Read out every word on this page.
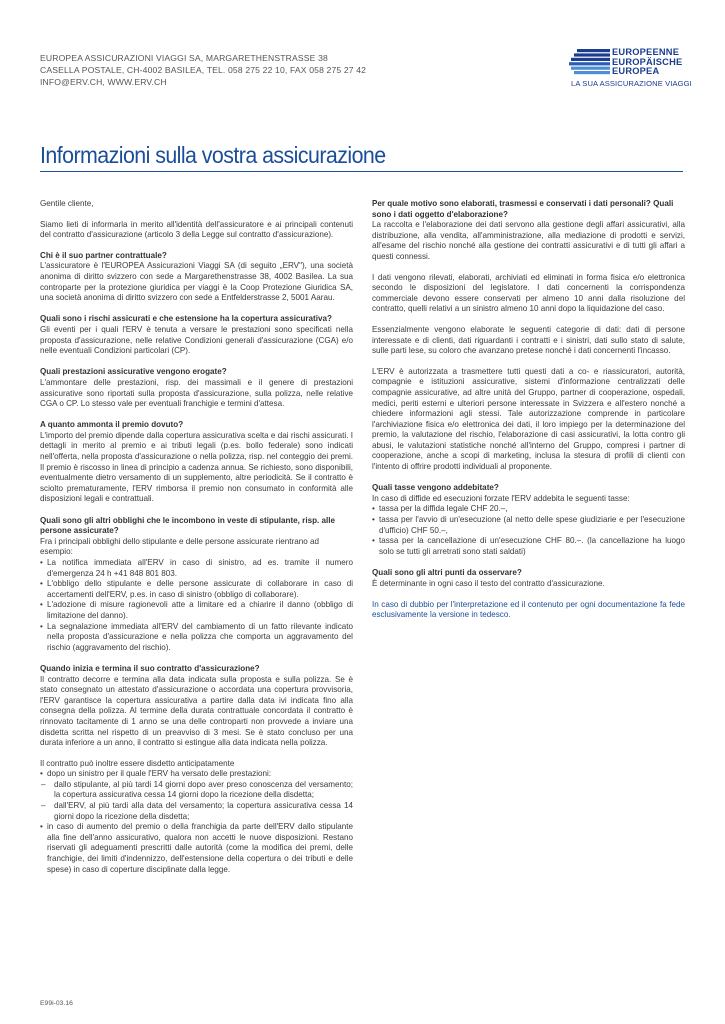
EUROPEA ASSICURAZIONI VIAGGI SA, MARGARETHENSTRASSE 38
CASELLA POSTALE, CH-4002 BASILEA, TEL. 058 275 22 10, FAX 058 275 27 42
INFO@ERV.CH, WWW.ERV.CH
EUROPEENNE
EUROPÄISCHE
EUROPEA
LA SUA ASSICURAZIONE VIAGGI
Informazioni sulla vostra assicurazione

Gentile cliente,

Siamo lieti di informarla in merito all'identità dell'assicuratore e ai principali contenuti del contratto d'assicurazione (articolo 3 della Legge sul contratto d'assicurazione).

Chi è il suo partner contrattuale?

L'assicuratore è l'EUROPEA Assicurazioni Viaggi SA (di seguito „ERV"), una società anonima di diritto svizzero con sede a Margarethenstrasse 38, 4002 Basilea. La sua controparte per la protezione giuridica per viaggi è la Coop Protezione Giuridica SA, una società anonima di diritto svizzero con sede a Entfelderstrasse 2, 5001 Aarau.

Quali sono i rischi assicurati e che estensione ha la copertura assicurativa?

Gli eventi per i quali l'ERV è tenuta a versare le prestazioni sono specificati nella proposta d'assicurazione, nelle relative Condizioni generali d'assicurazione (CGA) e/o nelle eventuali Condizioni particolari (CP).

Quali prestazioni assicurative vengono erogate?

L'ammontare delle prestazioni, risp. dei massimali e il genere di prestazioni assicurative sono riportati sulla proposta d'assicurazione, sulla polizza, nelle relative CGA o CP. Lo stesso vale per eventuali franchigie e termini d'attesa.

A quanto ammonta il premio dovuto?

L'importo del premio dipende dalla copertura assicurativa scelta e dai rischi assicurati. I dettagli in merito al premio e ai tributi legali (p.es. bollo federale) sono indicati nell'offerta, nella proposta d'assicurazione o nella polizza, risp. nel conteggio dei premi. Il premio è riscosso in linea di principio a cadenza annua. Se richiesto, sono disponibili, eventualmente dietro versamento di un supplemento, altre periodicità. Se il contratto è sciolto prematuramente, l'ERV rimborsa il premio non consumato in conformità alle disposizioni legali e contrattuali.

Quali sono gli altri obblighi che le incombono in veste di stipulante, risp. alle persone assicurate?
Fra i principali obblighi dello stipulante e delle persone assicurate rientrano ad esempio:
• La notifica immediata all'ERV in caso di sinistro, ad es. tramite il numero d'emergenza 24 h +41 848 801 803.
• L'obbligo dello stipulante e delle persone assicurate di collaborare in caso di accertamenti dell'ERV, p.es. in caso di sinistro (obbligo di collaborare).
• L'adozione di misure ragionevoli atte a limitare ed a chiarire il danno (obbligo di limitazione del danno).
• La segnalazione immediata all'ERV del cambiamento di un fatto rilevante indicato nella proposta d'assicurazione e nella polizza che comporta un aggravamento del rischio (aggravamento del rischio).
Quando inizia e termina il suo contratto d'assicurazione?

Il contratto decorre e termina alla data indicata sulla proposta e sulla polizza. Se è stato consegnato un attestato d'assicurazione o accordata una copertura provvisoria, l'ERV garantisce la copertura assicurativa a partire dalla data ivi indicata fino alla consegna della polizza. Al termine della durata contrattuale concordata il contratto è rinnovato tacitamente di 1 anno se una delle controparti non provvede a inviare una disdetta scritta nel rispetto di un preavviso di 3 mesi. Se è stato concluso per una durata inferiore a un anno, il contratto si estingue alla data indicata nella polizza.

Il contratto può inoltre essere disdetto anticipatamente
• dopo un sinistro per il quale l'ERV ha versato delle prestazioni:
– dallo stipulante, al più tardi 14 giorni dopo aver preso conoscenza del versamento; la copertura assicurativa cessa 14 giorni dopo la ricezione della disdetta;
– dall'ERV, al più tardi alla data del versamento; la copertura assicurativa cessa 14 giorni dopo la ricezione della disdetta;
• in caso di aumento del premio o della franchigia da parte dell'ERV dallo stipulante alla fine dell'anno assicurativo, qualora non accetti le nuove disposizioni. Restano riservati gli adeguamenti prescritti dalle autorità (come la modifica dei premi, delle franchigie, dei limiti d'indennizzo, dell'estensione della copertura o dei tributi e delle spese) in caso di coperture disciplinate dalla legge.
Per quale motivo sono elaborati, trasmessi e conservati i dati personali? Quali sono i dati oggetto d'elaborazione?

La raccolta e l'elaborazione dei dati servono alla gestione degli affari assicurativi, alla distribuzione, alla vendita, all'amministrazione, alla mediazione di prodotti e servizi, all'esame del rischio nonché alla gestione dei contratti assicurativi e di tutti gli affari a questi connessi.

I dati vengono rilevati, elaborati, archiviati ed eliminati in forma fisica e/o elettronica secondo le disposizioni del legislatore. I dati concernenti la corrispondenza commerciale devono essere conservati per almeno 10 anni dalla risoluzione del contratto, quelli relativi a un sinistro almeno 10 anni dopo la liquidazione del caso.

Essenzialmente vengono elaborate le seguenti categorie di dati: dati di persone interessate e di clienti, dati riguardanti i contratti e i sinistri, dati sullo stato di salute, sulle parti lese, su coloro che avanzano pretese nonché i dati concernenti l'incasso.

L'ERV è autorizzata a trasmettere tutti questi dati a co- e riassicuratori, autorità, compagnie e istituzioni assicurative, sistemi d'informazione centralizzati delle compagnie assicurative, ad altre unità del Gruppo, partner di cooperazione, ospedali, medici, periti esterni e ulteriori persone interessate in Svizzera e all'estero nonché a chiedere informazioni agli stessi. Tale autorizzazione comprende in particolare l'archiviazione fisica e/o elettronica dei dati, il loro impiego per la determinazione del premio, la valutazione del rischio, l'elaborazione di casi assicurativi, la lotta contro gli abusi, le valutazioni statistiche nonché all'interno del Gruppo, compresi i partner di cooperazione, anche a scopi di marketing, inclusa la stesura di profili di clienti con l'intento di offrire prodotti individuali al proponente.

Quali tasse vengono addebitate?
In caso di diffide ed esecuzioni forzate l'ERV addebita le seguenti tasse:
• tassa per la diffida legale CHF 20.–,
• tassa per l'avvio di un'esecuzione (al netto delle spese giudiziarie e per l'esecuzione d'ufficio) CHF 50.–,
• tassa per la cancellazione di un'esecuzione CHF 80.–. (la cancellazione ha luogo solo se tutti gli arretrati sono stati saldati)
Quali sono gli altri punti da osservare?

È determinante in ogni caso il testo del contratto d'assicurazione.

In caso di dubbio per l'interpretazione ed il contenuto per ogni documentazione fa fede esclusivamente la versione in tedesco.

E99i-03.16
